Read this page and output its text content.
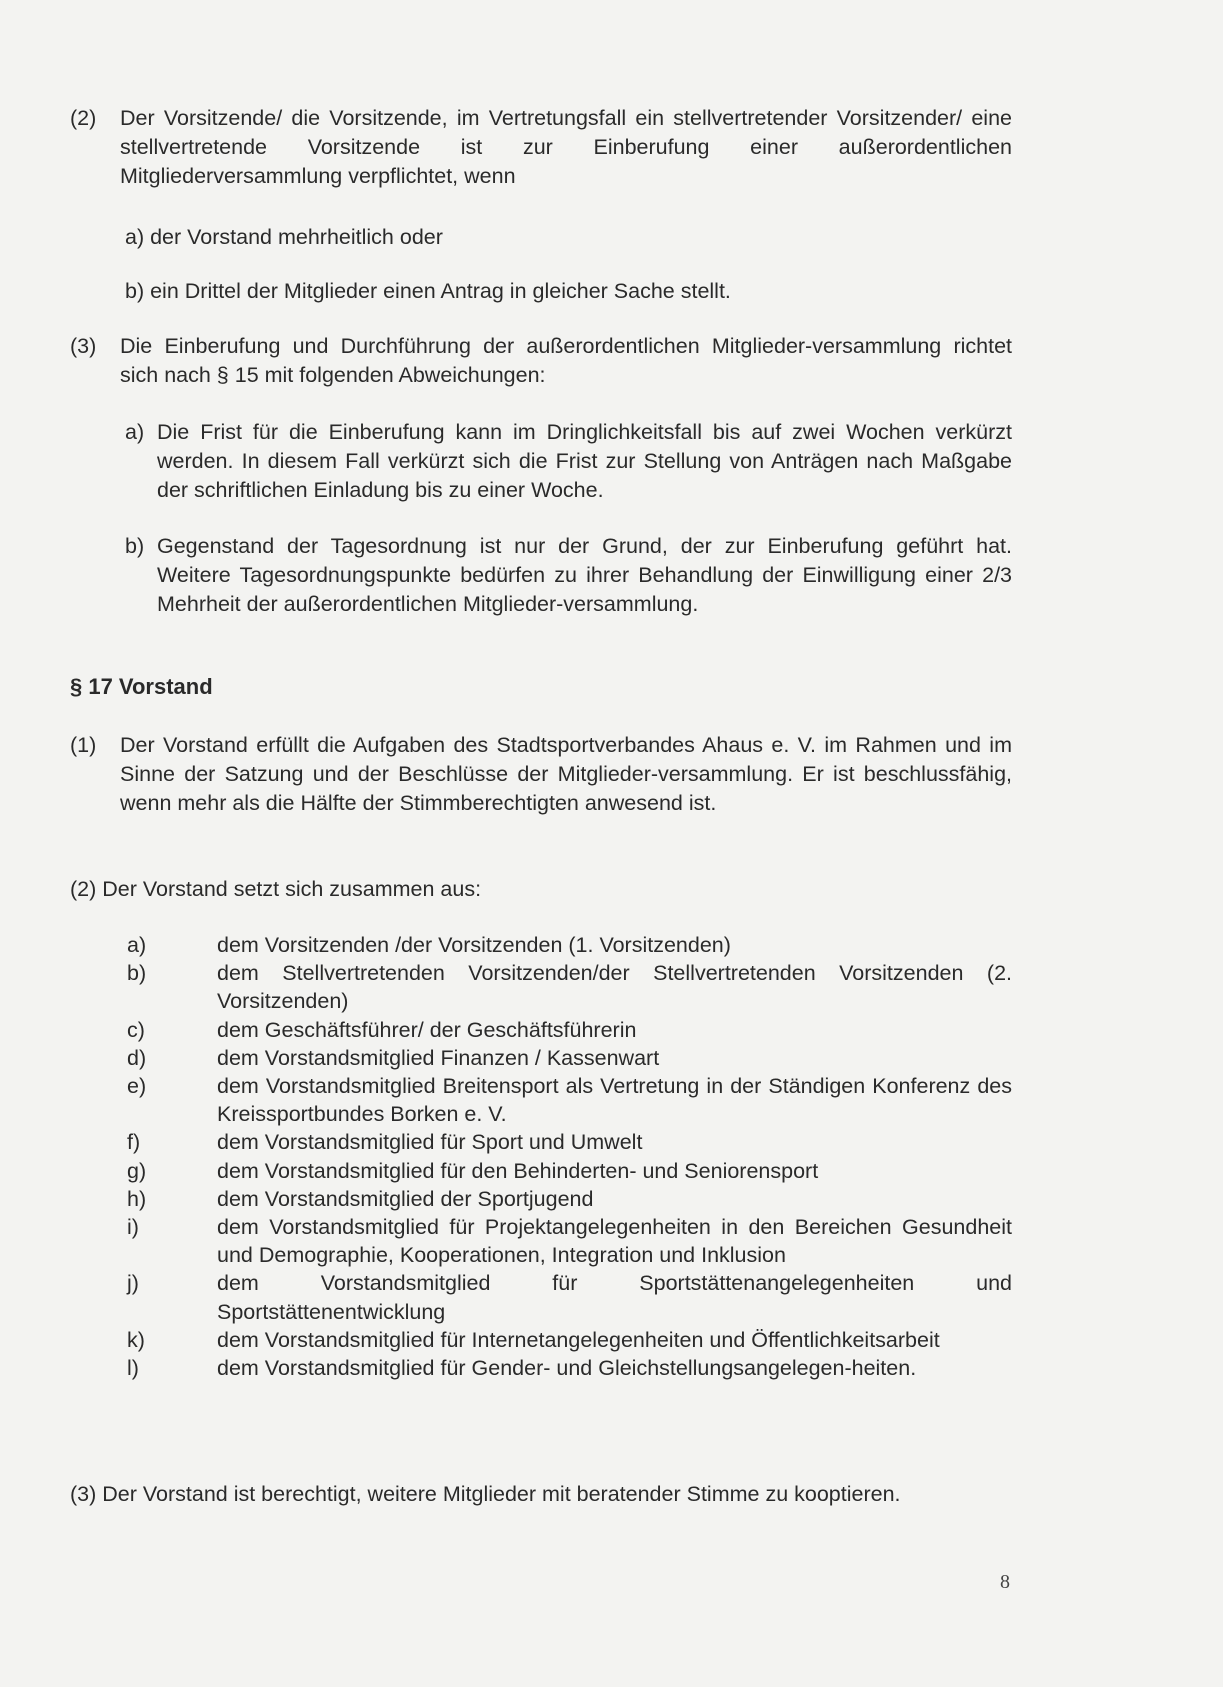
(2) Der Vorsitzende/ die Vorsitzende, im Vertretungsfall ein stellvertretender Vorsitzender/ eine stellvertretende Vorsitzende ist zur Einberufung einer außerordentlichen Mitgliederversammlung verpflichtet, wenn
a) der Vorstand mehrheitlich oder
b) ein Drittel der Mitglieder einen Antrag in gleicher Sache stellt.
(3) Die Einberufung und Durchführung der außerordentlichen Mitglieder-versammlung richtet sich nach § 15 mit folgenden Abweichungen:
a) Die Frist für die Einberufung kann im Dringlichkeitsfall bis auf zwei Wochen verkürzt werden. In diesem Fall verkürzt sich die Frist zur Stellung von Anträgen nach Maßgabe der schriftlichen Einladung bis zu einer Woche.
b) Gegenstand der Tagesordnung ist nur der Grund, der zur Einberufung geführt hat. Weitere Tagesordnungspunkte bedürfen zu ihrer Behandlung der Einwilligung einer 2/3 Mehrheit der außerordentlichen Mitglieder-versammlung.
§ 17 Vorstand
(1) Der Vorstand erfüllt die Aufgaben des Stadtsportverbandes Ahaus e. V. im Rahmen und im Sinne der Satzung und der Beschlüsse der Mitglieder-versammlung. Er ist beschlussfähig, wenn mehr als die Hälfte der Stimmberechtigten anwesend ist.
(2) Der Vorstand setzt sich zusammen aus:
a)	dem Vorsitzenden /der Vorsitzenden (1. Vorsitzenden)
b)	dem Stellvertretenden Vorsitzenden/der Stellvertretenden Vorsitzenden (2. Vorsitzenden)
c)	dem Geschäftsführer/ der Geschäftsführerin
d)	dem Vorstandsmitglied Finanzen / Kassenwart
e)	dem Vorstandsmitglied Breitensport als Vertretung in der Ständigen Konferenz des Kreissportbundes Borken e. V.
f)	dem Vorstandsmitglied für Sport und Umwelt
g)	dem Vorstandsmitglied für den Behinderten- und Seniorensport
h)	dem Vorstandsmitglied der Sportjugend
i)	dem Vorstandsmitglied für Projektangelegenheiten in den Bereichen Gesundheit und Demographie, Kooperationen, Integration und Inklusion
j)	dem Vorstandsmitglied für Sportstättenangelegenheiten und Sportstättenentwicklung
k)	dem Vorstandsmitglied für Internetangelegenheiten und Öffentlichkeitsarbeit
l)	dem Vorstandsmitglied für Gender- und Gleichstellungsangelegen-heiten.
(3) Der Vorstand ist berechtigt, weitere Mitglieder mit beratender Stimme zu kooptieren.
8
